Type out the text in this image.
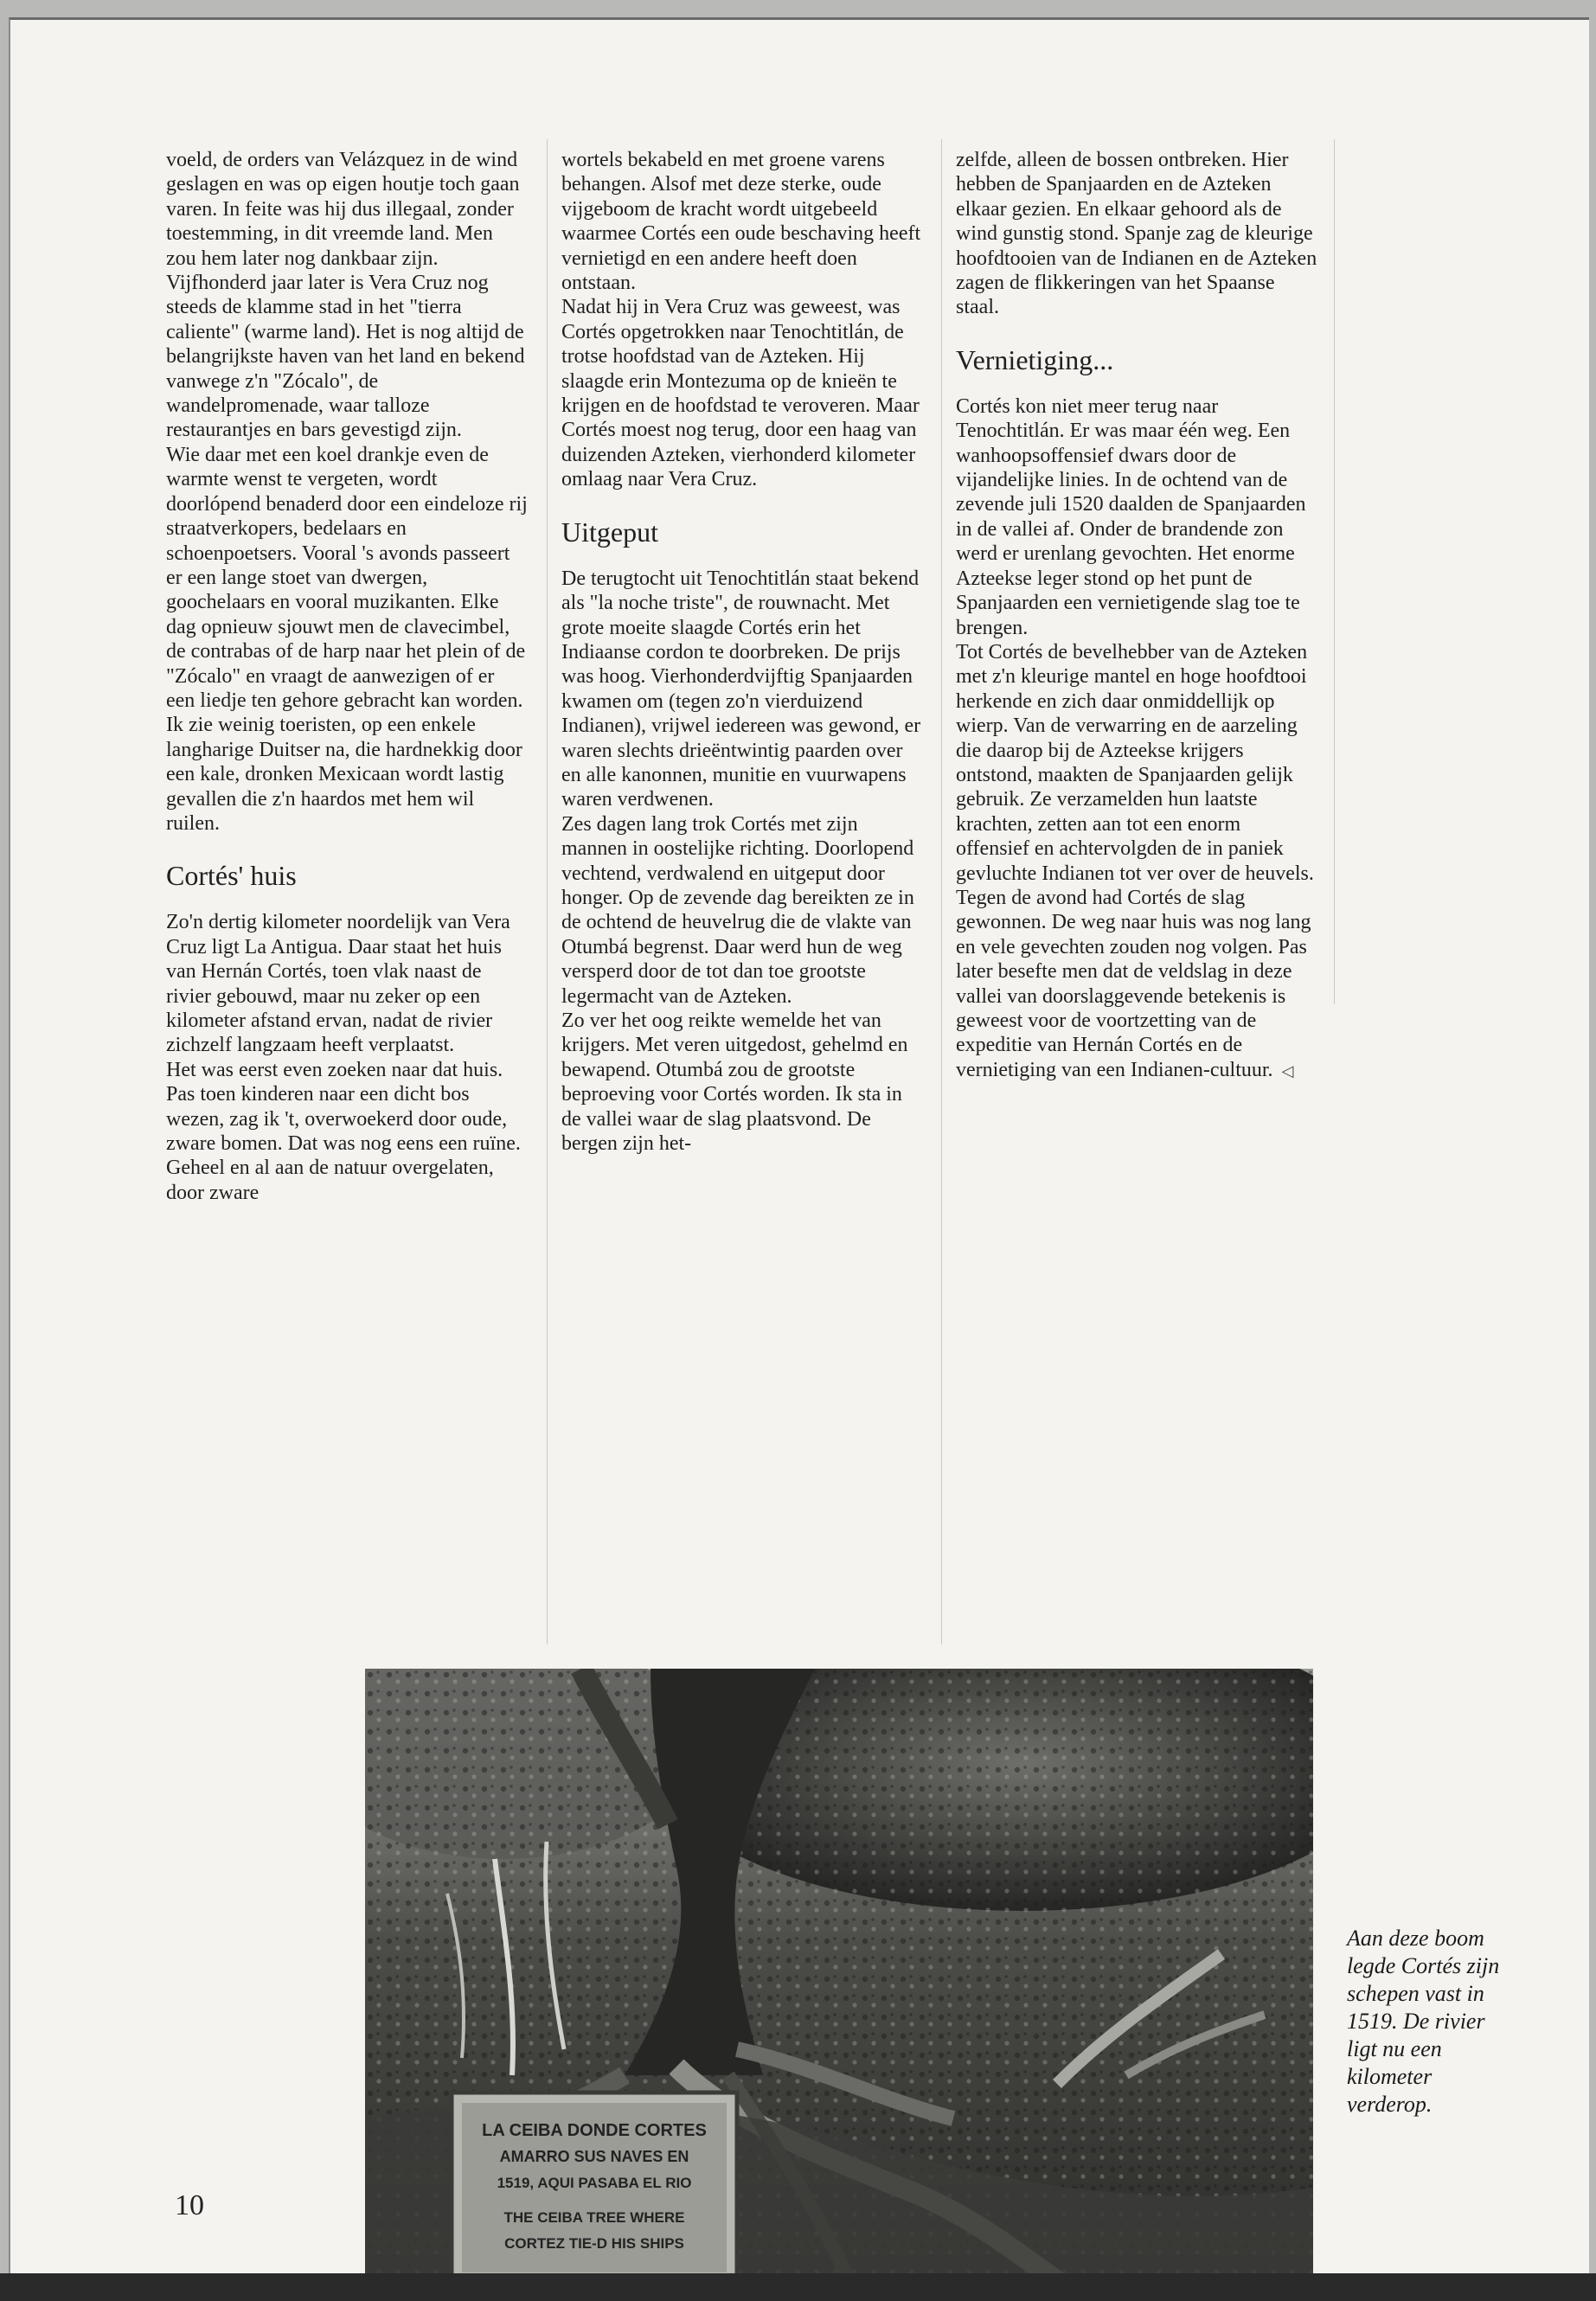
voeld, de orders van Velázquez in de wind geslagen en was op eigen houtje toch gaan varen. In feite was hij dus illegaal, zonder toestemming, in dit vreemde land. Men zou hem later nog dankbaar zijn. Vijfhonderd jaar later is Vera Cruz nog steeds de klamme stad in het "tierra caliente" (warme land). Het is nog altijd de belangrijkste haven van het land en bekend vanwege z'n "Zócalo", de wandelpromenade, waar talloze restaurantjes en bars gevestigd zijn.
Wie daar met een koel drankje even de warmte wenst te vergeten, wordt doorlópend benaderd door een eindeloze rij straatverkopers, bedelaars en schoenpoetsers. Vooral 's avonds passeert er een lange stoet van dwergen, goochelaars en vooral muzikanten. Elke dag opnieuw sjouwt men de clavecimbel, de contrabas of de harp naar het plein of de "Zócalo" en vraagt de aanwezigen of er een liedje ten gehore gebracht kan worden. Ik zie weinig toeristen, op een enkele langharige Duitser na, die hardnekkig door een kale, dronken Mexicaan wordt lastig gevallen die z'n haardos met hem wil ruilen.
Cortés' huis
Zo'n dertig kilometer noordelijk van Vera Cruz ligt La Antigua. Daar staat het huis van Hernán Cortés, toen vlak naast de rivier gebouwd, maar nu zeker op een kilometer afstand ervan, nadat de rivier zichzelf langzaam heeft verplaatst.
Het was eerst even zoeken naar dat huis. Pas toen kinderen naar een dicht bos wezen, zag ik 't, overwoekerd door oude, zware bomen. Dat was nog eens een ruïne. Geheel en al aan de natuur overgelaten, door zware
wortels bekabeld en met groene varens behangen. Alsof met deze sterke, oude vijgeboom de kracht wordt uitgebeeld waarmee Cortés een oude beschaving heeft vernietigd en een andere heeft doen ontstaan.
Nadat hij in Vera Cruz was geweest, was Cortés opgetrokken naar Tenochtitlán, de trotse hoofdstad van de Azteken. Hij slaagde erin Montezuma op de knieën te krijgen en de hoofdstad te veroveren. Maar Cortés moest nog terug, door een haag van duizenden Azteken, vierhonderd kilometer omlaag naar Vera Cruz.
Uitgeput
De terugtocht uit Tenochtitlán staat bekend als "la noche triste", de rouwnacht. Met grote moeite slaagde Cortés erin het Indiaanse cordon te doorbreken. De prijs was hoog. Vierhonderdvijftig Spanjaarden kwamen om (tegen zo'n vierduizend Indianen), vrijwel iedereen was gewond, er waren slechts drieëntwintig paarden over en alle kanonnen, munitie en vuurwapens waren verdwenen.
Zes dagen lang trok Cortés met zijn mannen in oostelijke richting. Doorlopend vechtend, verdwalend en uitgeput door honger. Op de zevende dag bereikten ze in de ochtend de heuvelrug die de vlakte van Otumbá begrenst. Daar werd hun de weg versperd door de tot dan toe grootste legermacht van de Azteken.
Zo ver het oog reikte wemelde het van krijgers. Met veren uitgedost, gehelmd en bewapend. Otumbá zou de grootste beproeving voor Cortés worden. Ik sta in de vallei waar de slag plaatsvond. De bergen zijn het-
zelfde, alleen de bossen ontbreken. Hier hebben de Spanjaarden en de Azteken elkaar gezien. En elkaar gehoord als de wind gunstig stond. Spanje zag de kleurige hoofdtooien van de Indianen en de Azteken zagen de flikkeringen van het Spaanse staal.
Vernietiging...
Cortés kon niet meer terug naar Tenochtitlán. Er was maar één weg. Een wanhoopsoffensief dwars door de vijandelijke linies. In de ochtend van de zevende juli 1520 daalden de Spanjaarden in de vallei af. Onder de brandende zon werd er urenlang gevochten. Het enorme Azteekse leger stond op het punt de Spanjaarden een vernietigende slag toe te brengen.
Tot Cortés de bevelhebber van de Azteken met z'n kleurige mantel en hoge hoofdtooi herkende en zich daar onmiddellijk op wierp. Van de verwarring en de aarzeling die daarop bij de Azteekse krijgers ontstond, maakten de Spanjaarden gelijk gebruik. Ze verzamelden hun laatste krachten, zetten aan tot een enorm offensief en achtervolgden de in paniek gevluchte Indianen tot ver over de heuvels.
Tegen de avond had Cortés de slag gewonnen. De weg naar huis was nog lang en vele gevechten zouden nog volgen. Pas later besefte men dat de veldslag in deze vallei van doorslaggevende betekenis is geweest voor de voortzetting van de expeditie van Hernán Cortés en de vernietiging van een Indianen-cultuur. ◁
LA CEIBA DONDE CORTES
AMARRO SUS NAVES EN
1519, AQUI PASABA EL RIO
THE CEIBA TREE WHERE
CORTEZ TIE-D HIS SHIPS
Aan deze boom legde Cortés zijn schepen vast in 1519. De rivier ligt nu een kilometer verderop.
10
